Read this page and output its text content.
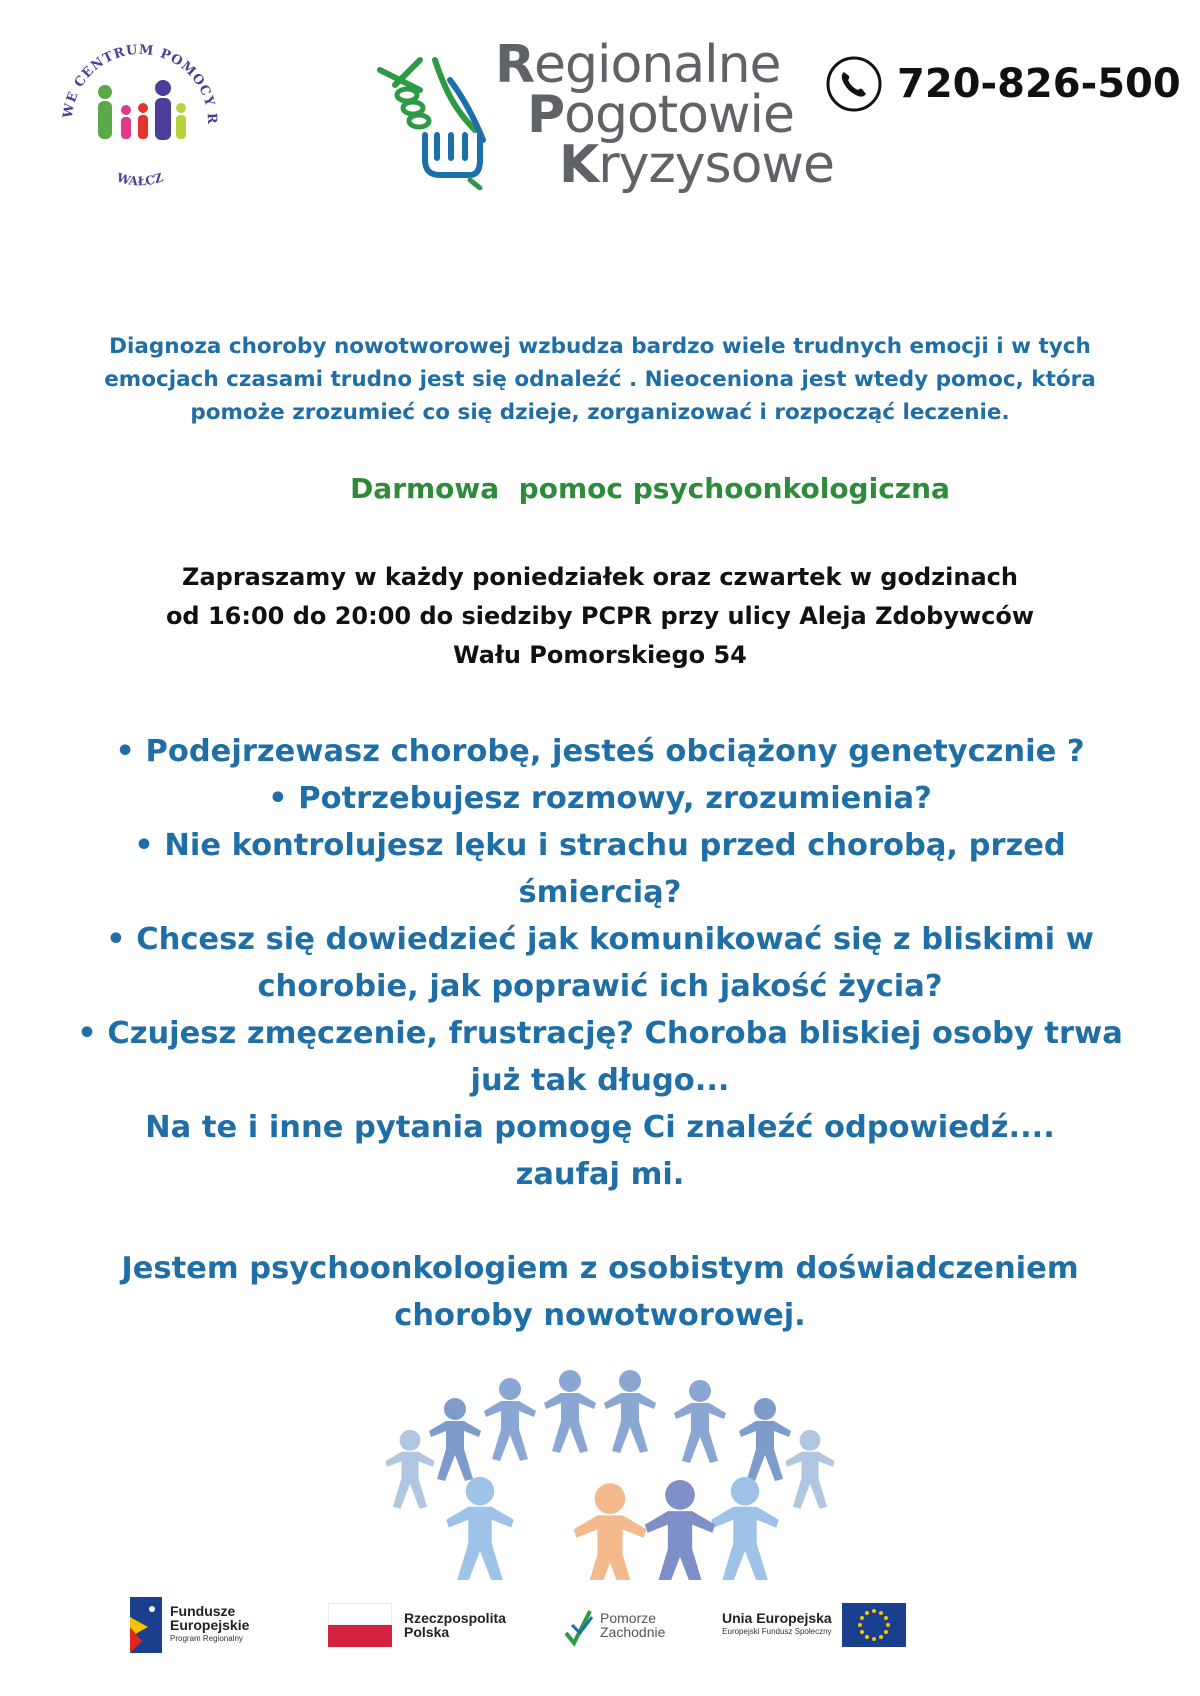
WE CENTRUM POMOCY R
WAŁCZ
Regionalne
Pogotowie
Kryzysowe
720-826-500
Diagnoza choroby nowotworowej wzbudza bardzo wiele trudnych emocji i w tych
emocjach czasami trudno jest się odnaleźć . Nieoceniona jest wtedy pomoc, która
pomoże zrozumieć co się dzieje, zorganizować i rozpocząć leczenie.
Darmowa  pomoc psychoonkologiczna
Zapraszamy w każdy poniedziałek oraz czwartek w godzinach
od 16:00 do 20:00 do siedziby PCPR przy ulicy Aleja Zdobywców
Wału Pomorskiego 54
• Podejrzewasz chorobę, jesteś obciążony genetycznie ?
• Potrzebujesz rozmowy, zrozumienia?
• Nie kontrolujesz lęku i strachu przed chorobą, przed
śmiercią?
• Chcesz się dowiedzieć jak komunikować się z bliskimi w
chorobie, jak poprawić ich jakość życia?
• Czujesz zmęczenie, frustrację? Choroba bliskiej osoby trwa
już tak długo...
Na te i inne pytania pomogę Ci znaleźć odpowiedź....
zaufaj mi.
Jestem psychoonkologiem z osobistym doświadczeniem
choroby nowotworowej.
Fundusze
Europejskie
Program Regionalny
Rzeczpospolita
Polska
Pomorze
Zachodnie
Unia Europejska
Europejski Fundusz Społeczny
